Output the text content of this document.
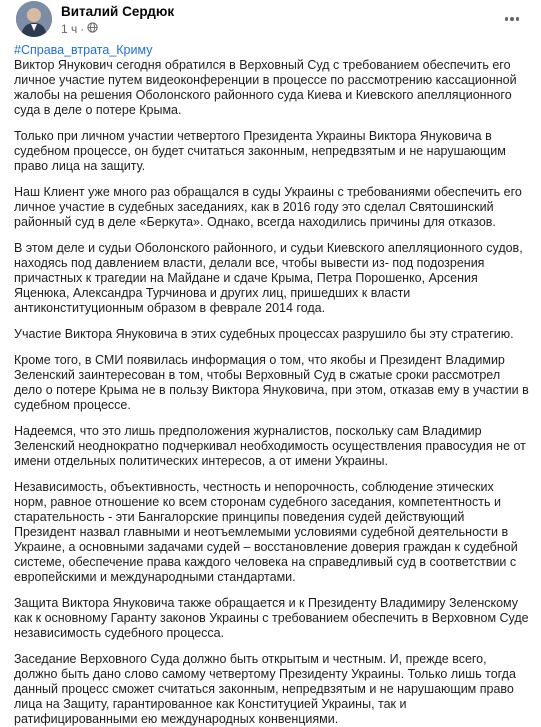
Виталий Сердюк
1 ч ·
#Справа_втрата_Криму

Виктор Янукович сегодня обратился в Верховный Суд с требованием обеспечить его личное участие путем видеоконференции в процессе по рассмотрению кассационной жалобы на решения Оболонского районного суда Киева и Киевского апелляционного суда в деле о потере Крыма.

Только при личном участии четвертого Президента Украины Виктора Януковича в судебном процессе, он будет считаться законным, непредвзятым и не нарушающим право лица на защиту.

Наш Клиент уже много раз обращался в суды Украины с требованиями обеспечить его личное участие в судебных заседаниях, как в 2016 году это сделал Святошинский районный суд в деле «Беркута». Однако, всегда находились причины для отказов.

В этом деле и судьи Оболонского районного, и судьи Киевского апелляционного судов, находясь под давлением власти, делали все, чтобы вывести из- под подозрения причастных к трагедии на Майдане и сдаче Крыма, Петра Порошенко, Арсения Яценюка, Александра Турчинова и других лиц, пришедших к власти антиконституционным образом в феврале 2014 года.

Участие Виктора Януковича в этих судебных процессах разрушило бы эту стратегию.

Кроме того, в СМИ появилась информация о том, что якобы и Президент Владимир Зеленский заинтересован в том, чтобы Верховный Суд в сжатые сроки рассмотрел дело о потере Крыма не в пользу Виктора Януковича, при этом, отказав ему в участии в судебном процессе.

Надеемся, что это лишь предположения журналистов, поскольку сам Владимир Зеленский неоднократно подчеркивал необходимость осуществления правосудия не от имени отдельных политических интересов, а от имени Украины.

Независимость, объективность, честность и непорочность, соблюдение этических норм, равное отношение ко всем сторонам судебного заседания, компетентность и старательность - эти Бангалорские принципы поведения судей действующий Президент назвал главными и неотъемлемыми условиями судебной деятельности в Украине, а основными задачами судей – восстановление доверия граждан к судебной системе, обеспечение права каждого человека на справедливый суд в соответствии с европейскими и международными стандартами.

Защита Виктора Януковича также обращается и к Президенту Владимиру Зеленскому как к основному Гаранту законов Украины с требованием обеспечить в Верховном Суде независимость судебного процесса.

Заседание Верховного Суда должно быть открытым и честным. И, прежде всего, должно быть дано слово самому четвертому Президенту Украины. Только лишь тогда данный процесс сможет считаться законным, непредвзятым и не нарушающим право лица на Защиту, гарантированное как Конституцией Украины, так и ратифицированными ею международных конвенциями.
